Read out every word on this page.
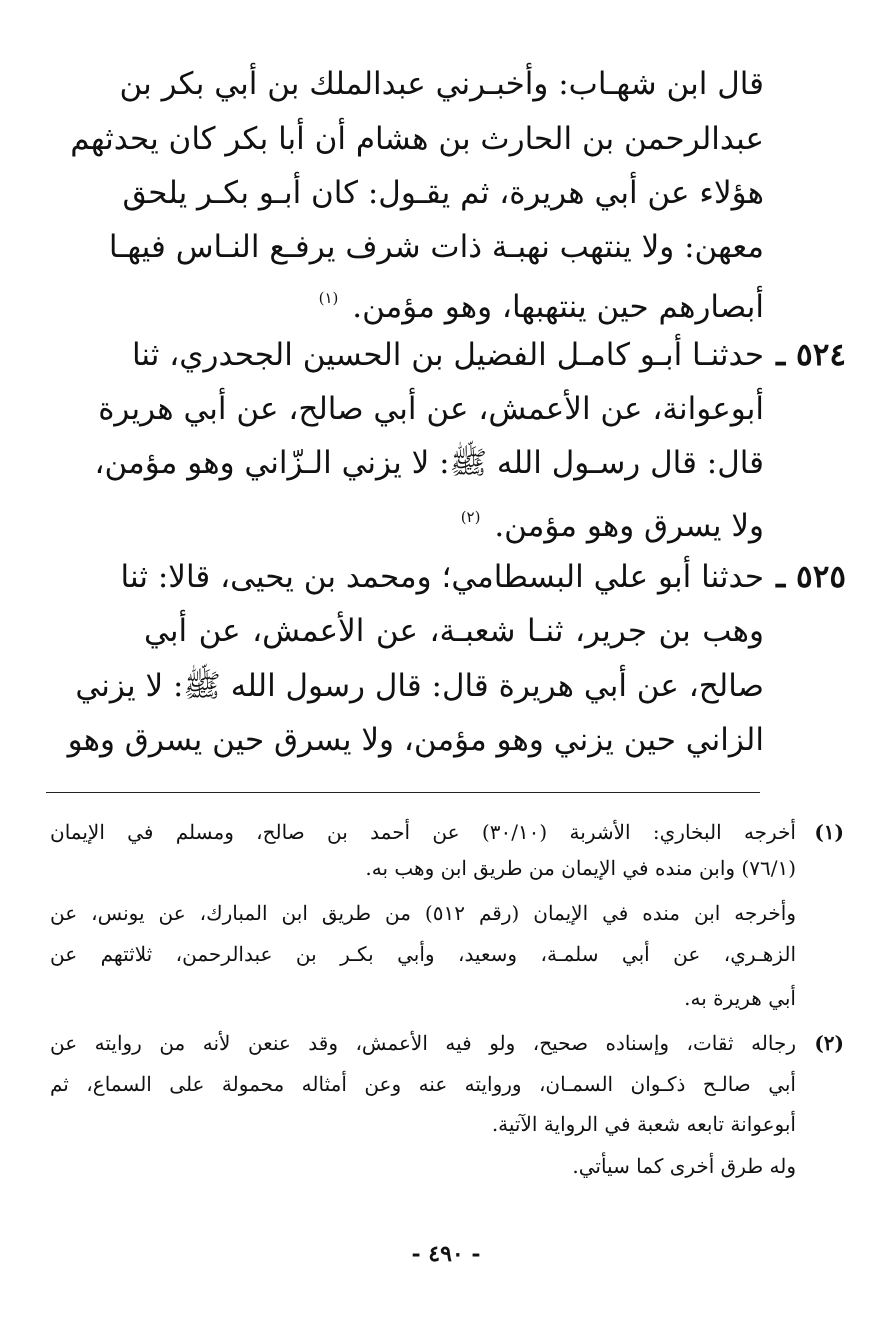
قال ابن شهـاب: وأخبـرني عبدالملك بن أبي بكر بن
عبدالرحمن بن الحارث بن هشام أن أبا بكر كان يحدثهم
هؤلاء عن أبي هريرة، ثم يقـول: كان أبـو بكـر يلحق
معهن: ولا ينتهب نهبـة ذات شرف يرفـع النـاس فيهـا
أبصارهم حين ينتهبها، وهو مؤمن. $^{(١)}$
٥٢٤ ـ
حدثنـا أبـو كامـل الفضيل بن الحسين الجحدري، ثنا
أبوعوانة، عن الأعمش، عن أبي صالح، عن أبي هريرة
قال: قال رسـول الله ﷺ: لا يزني الـزّاني وهو مؤمن،
ولا يسرق وهو مؤمن. $^{(٢)}$
٥٢٥ ـ
حدثنا أبو علي البسطامي؛ ومحمد بن يحيى، قالا: ثنا
وهب بن جرير، ثنـا شعبـة، عن الأعمش، عن أبي
صالح، عن أبي هريرة قال: قال رسول الله ﷺ: لا يزني
الزاني حين يزني وهو مؤمن، ولا يسرق حين يسرق وهو
(١)
أخرجه البخاري: الأشربة (٣٠/١٠) عن أحمد بن صالح، ومسلم في الإيمان
(٧٦/١) وابن منده في الإيمان من طريق ابن وهب به.
وأخرجه ابن منده في الإيمان (رقم ٥١٢) من طريق ابن المبارك، عن يونس، عن
الزهـري، عن أبي سلمـة، وسعيد، وأبي بكـر بن عبدالرحمن، ثلاثتهم عن
أبي هريرة به.
(٢)
رجاله ثقات، وإسناده صحيح، ولو فيه الأعمش، وقد عنعن لأنه من روايته عن
أبي صالـح ذكـوان السمـان، وروايته عنه وعن أمثاله محمولة على السماع، ثم
أبوعوانة تابعه شعبة في الرواية الآتية.
وله طرق أخرى كما سيأتي.
- ٤٩٠ -
